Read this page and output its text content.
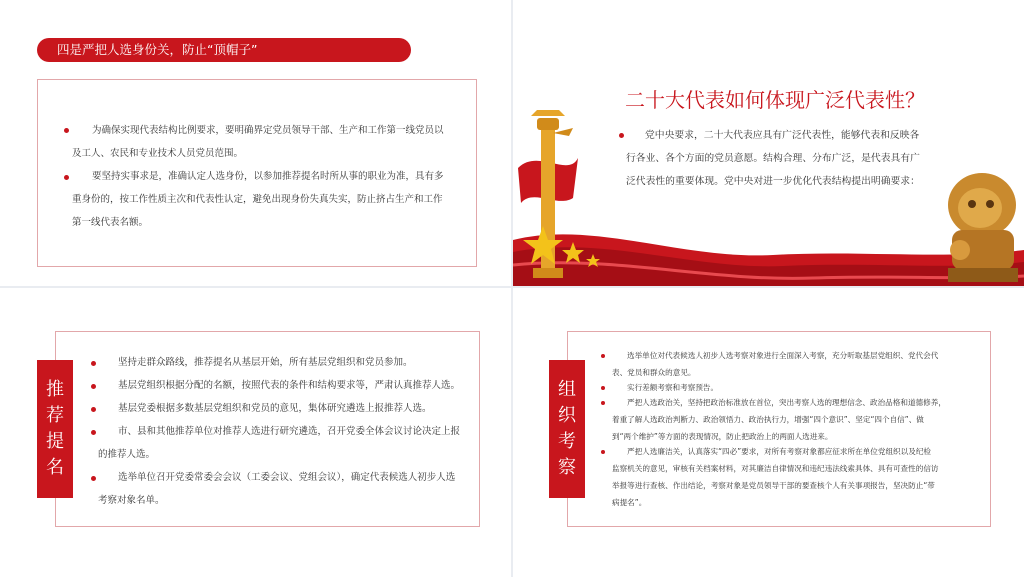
四是严把人选身份关，防止“顶帽子”
为确保实现代表结构比例要求，要明确界定党员领导干部、生产和工作第一线党员以
及工人、农民和专业技术人员党员范围。
要坚持实事求是，准确认定人选身份，以参加推荐提名时所从事的职业为准，具有多
重身份的，按工作性质主次和代表性认定，避免出现身份失真失实，防止挤占生产和工作
第一线代表名额。
二十大代表如何体现广泛代表性？
党中央要求，二十大代表应具有广泛代表性，能够代表和反映各
行各业、各个方面的党员意愿。结构合理、分布广泛，是代表具有广
泛代表性的重要体现。党中央对进一步优化代表结构提出明确要求：
推荐提名
坚持走群众路线，推荐提名从基层开始，所有基层党组织和党员参加。
基层党组织根据分配的名额，按照代表的条件和结构要求等，严肃认真推荐人选。
基层党委根据多数基层党组织和党员的意见，集体研究遴选上报推荐人选。
市、县和其他推荐单位对推荐人选进行研究遴选，召开党委全体会议讨论决定上报
的推荐人选。
选举单位召开党委常委会会议（工委会议、党组会议），确定代表候选人初步人选
考察对象名单。
组织考察
选举单位对代表候选人初步人选考察对象进行全面深入考察，充分听取基层党组织、党代会代
表、党员和群众的意见。
实行差额考察和考察预告。
严把人选政治关，坚持把政治标准放在首位，突出考察人选的理想信念、政治品格和道德修养，
着重了解人选政治判断力、政治领悟力、政治执行力，增强“四个意识”、坚定“四个自信”、做
到“两个维护”等方面的表现情况，防止把政治上的两面人选进来。
严把人选廉洁关，认真落实“四必”要求，对所有考察对象都应征求所在单位党组织以及纪检
监察机关的意见，审核有关档案材料，对其廉洁自律情况和违纪违法线索具体、具有可查性的信访
举报等进行查核、作出结论，考察对象是党员领导干部的要查核个人有关事项报告，坚决防止“带
病提名”。
